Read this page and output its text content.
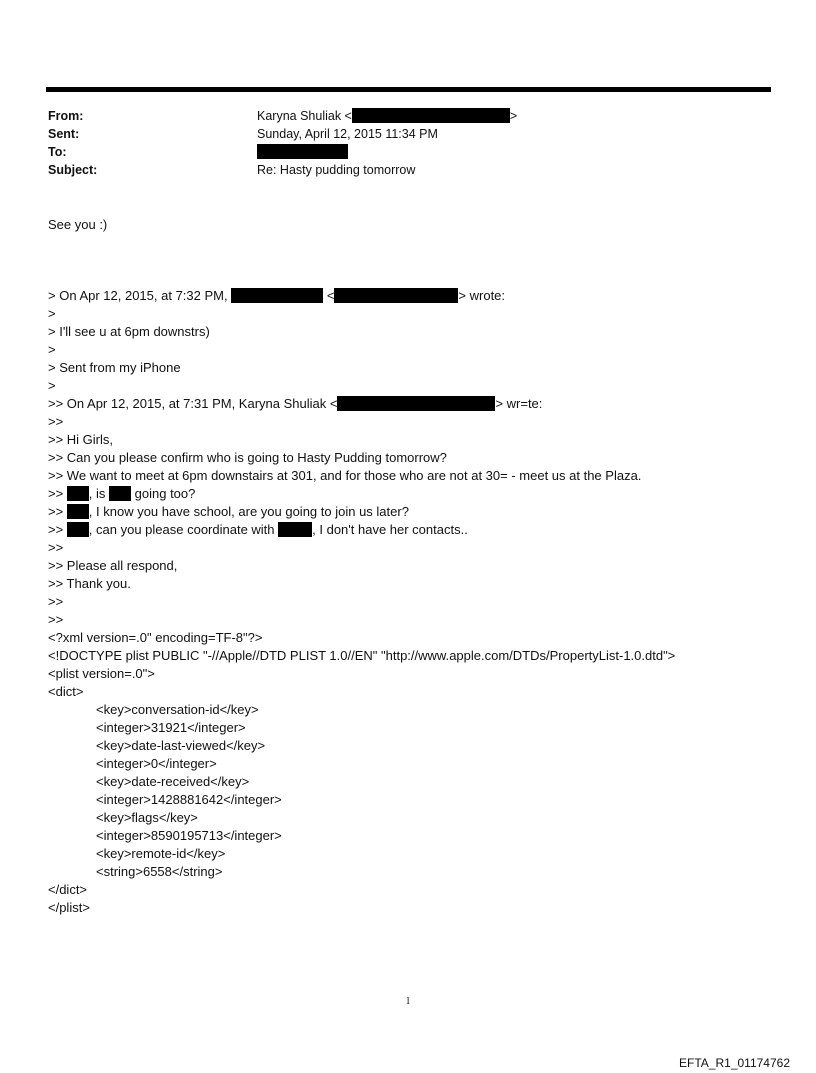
From:	Karyna Shuliak <	>
Sent:	Sunday, April 12, 2015 11:34 PM
To:
Subject:	Re: Hasty pudding tomorrow
See you :)
> On Apr 12, 2015, at 7:32 PM,	<	> wrote:
>
> I'll see u at 6pm downstrs)
>
> Sent from my iPhone
>
>> On Apr 12, 2015, at 7:31 PM, Karyna Shuliak <	> wr=te:
>>
>> Hi Girls,
>> Can you please confirm who is going to Hasty Pudding tomorrow?
>> We want to meet at 6pm downstairs at 301, and for those who are not at 30= - meet us at the Plaza.
>> , is  going too?
>> , I know you have school, are you going to join us later?
>> , can you please coordinate with	, I don't have her contacts..
>>
>> Please all respond,
>> Thank you.
>>
>>
<?xml version=.0" encoding=TF-8"?>
<!DOCTYPE plist PUBLIC "-//Apple//DTD PLIST 1.0//EN" "http://www.apple.com/DTDs/PropertyList-1.0.dtd">
<plist version=.0">
<dict>
<key>conversation-id</key>
<integer>31921</integer>
<key>date-last-viewed</key>
<integer>0</integer>
<key>date-received</key>
<integer>1428881642</integer>
<key>flags</key>
<integer>8590195713</integer>
<key>remote-id</key>
<string>6558</string>
</dict>
</plist>
1
EFTA_R1_01174762
